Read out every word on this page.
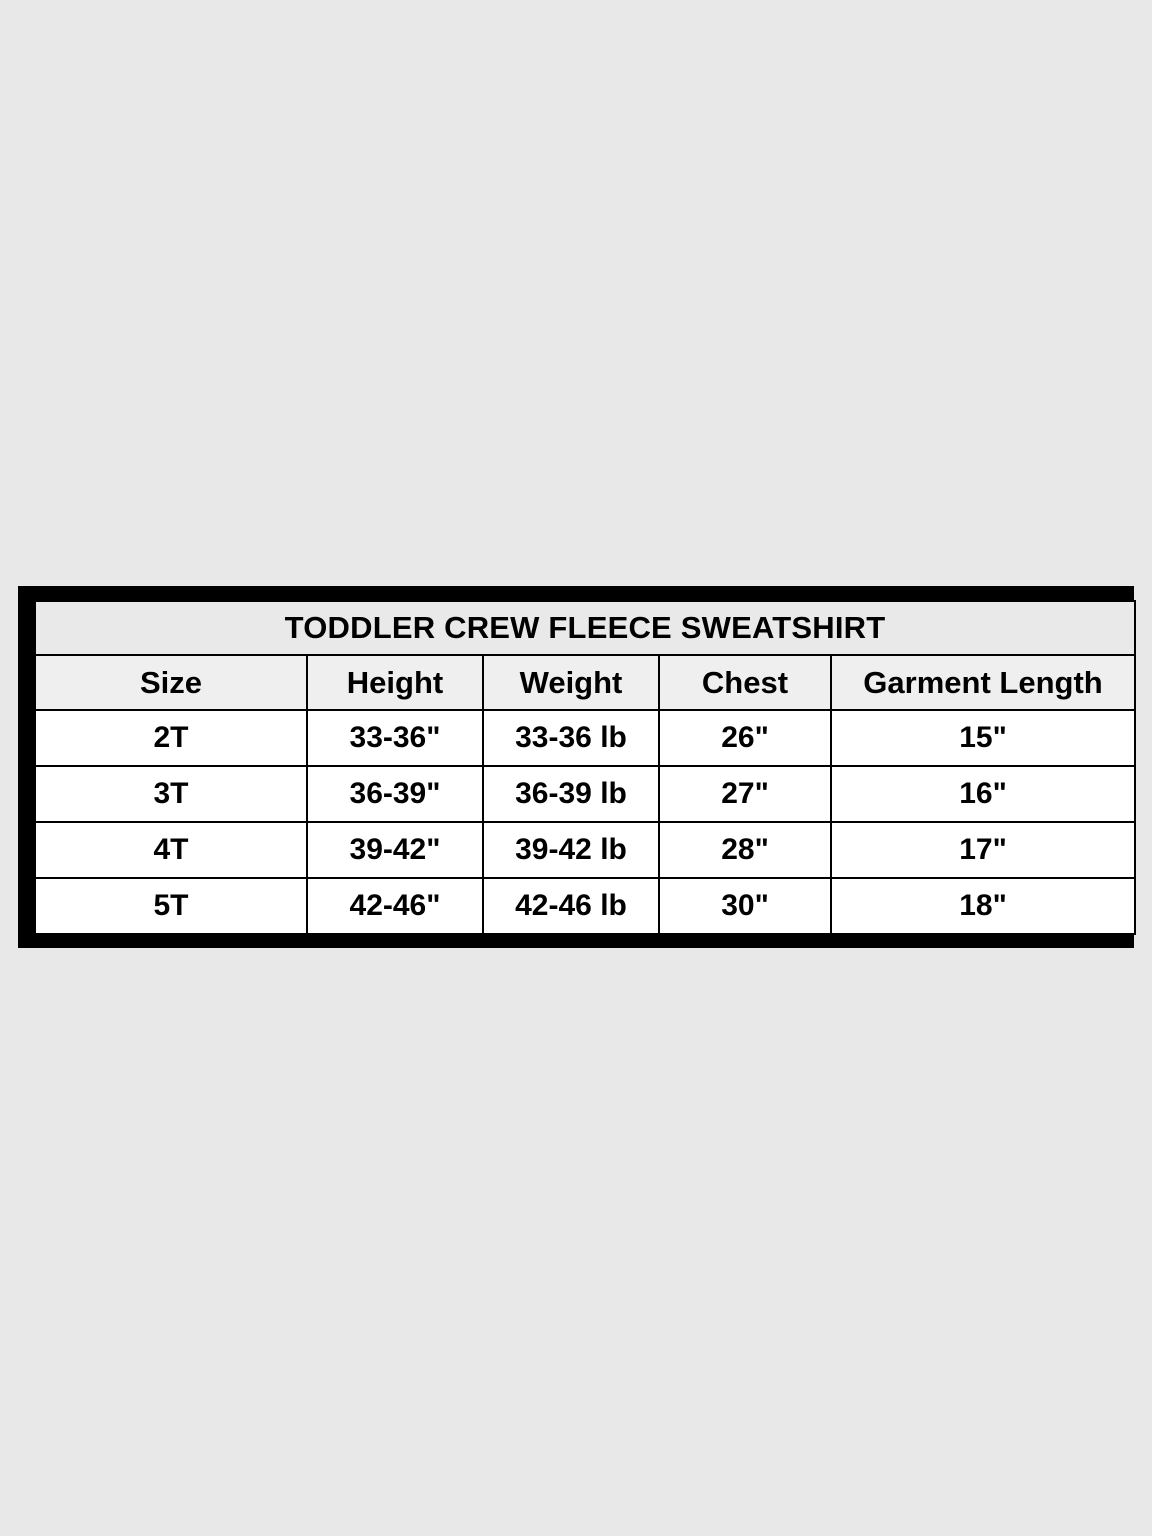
TODDLER CREW FLEECE SWEATSHIRT				
Size	Height	Weight	Chest	Garment Length
2T	33-36"	33-36 lb	26"	15"
3T	36-39"	36-39 lb	27"	16"
4T	39-42"	39-42 lb	28"	17"
5T	42-46"	42-46 lb	30"	18"
